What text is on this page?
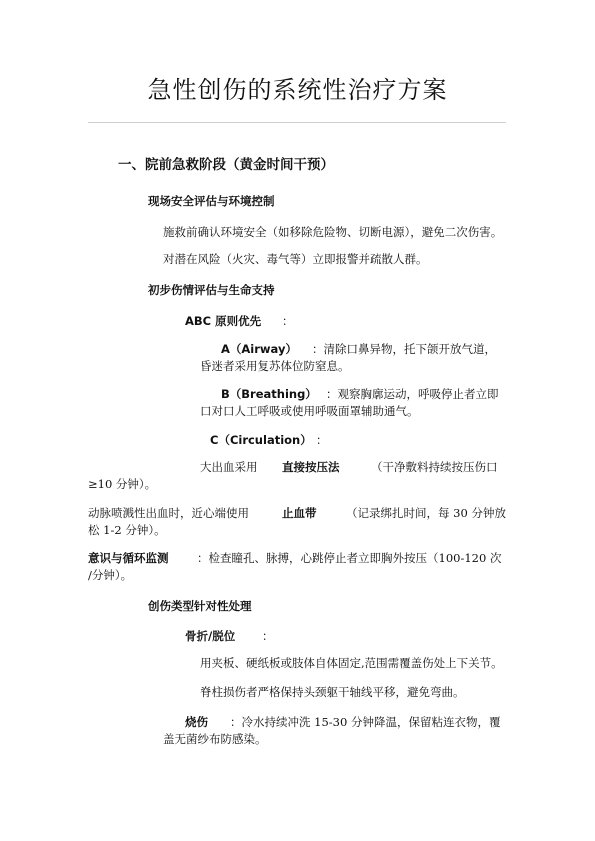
急性创伤的系统性治疗方案
一、院前急救阶段（黄金时间干预）
现场安全评估与环境控制
施救前确认环境安全（如移除危险物、切断电源），避免二次伤害。
对潜在风险（火灾、毒气等）立即报警并疏散人群。
初步伤情评估与生命支持
ABC 原则优先 ：
A（Airway） ：清除口鼻异物，托下颌开放气道，
昏迷者采用复苏体位防窒息。
B（Breathing） ：观察胸廓运动，呼吸停止者立即
口对口人工呼吸或使用呼吸面罩辅助通气。
C（Circulation） ：
大出血采用 直接按压法	（干净敷料持续按压伤口
≥10 分钟）。
动脉喷溅性出血时，近心端使用	止血带	（记录绑扎时间，每 30 分钟放
松 1-2 分钟）。
意识与循环监测 ：检查瞳孔、脉搏，心跳停止者立即胸外按压（100-120 次
/分钟）。
创伤类型针对性处理
骨折/脱位 ：
用夹板、硬纸板或肢体自体固定,范围需覆盖伤处上下关节。
脊柱损伤者严格保持头颈躯干轴线平移，避免弯曲。
烧伤 ：冷水持续冲洗 15-30 分钟降温，保留粘连衣物，覆
盖无菌纱布防感染。
